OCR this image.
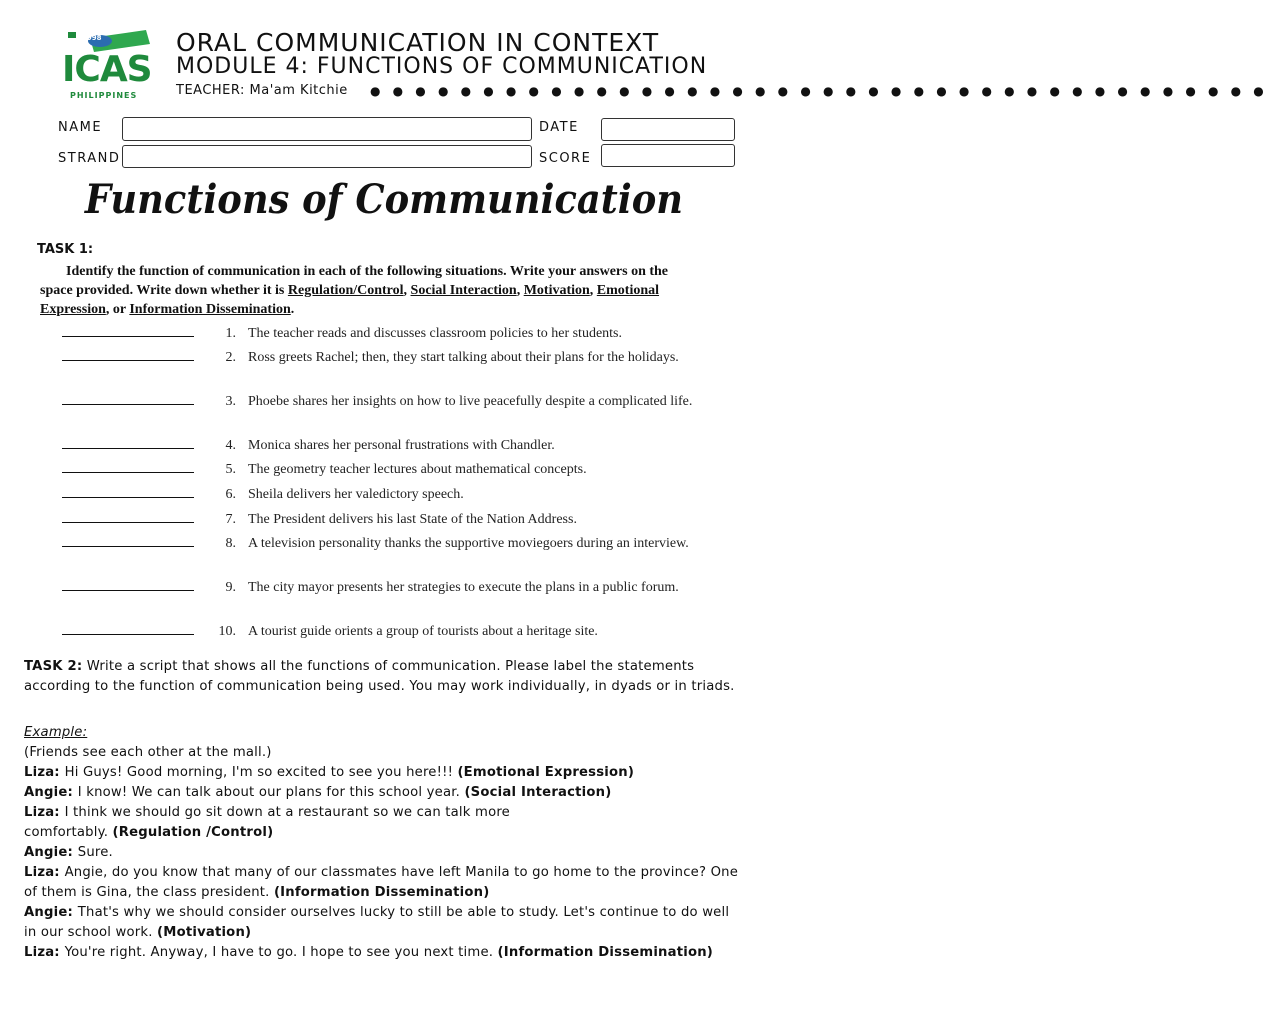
1998
ICAS
PHILIPPINES
ORAL COMMUNICATION IN CONTEXT
MODULE 4: FUNCTIONS OF COMMUNICATION
TEACHER: Ma'am Kitchie ● ● ● ● ● ● ● ● ● ● ● ● ● ● ● ● ● ● ● ● ● ● ● ● ● ● ● ● ● ● ● ● ● ● ● ● ● ● ● ●
NAME	DATE
STRAND	SCORE
Functions of Communication
TASK 1:
Identify the function of communication in each of the following situations. Write your answers on the space provided. Write down whether it is Regulation/Control, Social Interaction, Motivation, Emotional Expression, or Information Dissemination.
1. The teacher reads and discusses classroom policies to her students.
2. Ross greets Rachel; then, they start talking about their plans for the holidays.
3. Phoebe shares her insights on how to live peacefully despite a complicated life.
4. Monica shares her personal frustrations with Chandler.
5. The geometry teacher lectures about mathematical concepts.
6. Sheila delivers her valedictory speech.
7. The President delivers his last State of the Nation Address.
8. A television personality thanks the supportive moviegoers during an interview.
9. The city mayor presents her strategies to execute the plans in a public forum.
10. A tourist guide orients a group of tourists about a heritage site.
TASK 2: Write a script that shows all the functions of communication. Please label the statements according to the function of communication being used. You may work individually, in dyads or in triads.
Example:
(Friends see each other at the mall.)
Liza: Hi Guys! Good morning, I'm so excited to see you here!!! (Emotional Expression)
Angie: I know! We can talk about our plans for this school year. (Social Interaction)
Liza: I think we should go sit down at a restaurant so we can talk more comfortably. (Regulation /Control)
Angie: Sure.
Liza: Angie, do you know that many of our classmates have left Manila to go home to the province? One of them is Gina, the class president. (Information Dissemination)
Angie: That's why we should consider ourselves lucky to still be able to study. Let's continue to do well in our school work. (Motivation)
Liza: You're right. Anyway, I have to go. I hope to see you next time. (Information Dissemination)
